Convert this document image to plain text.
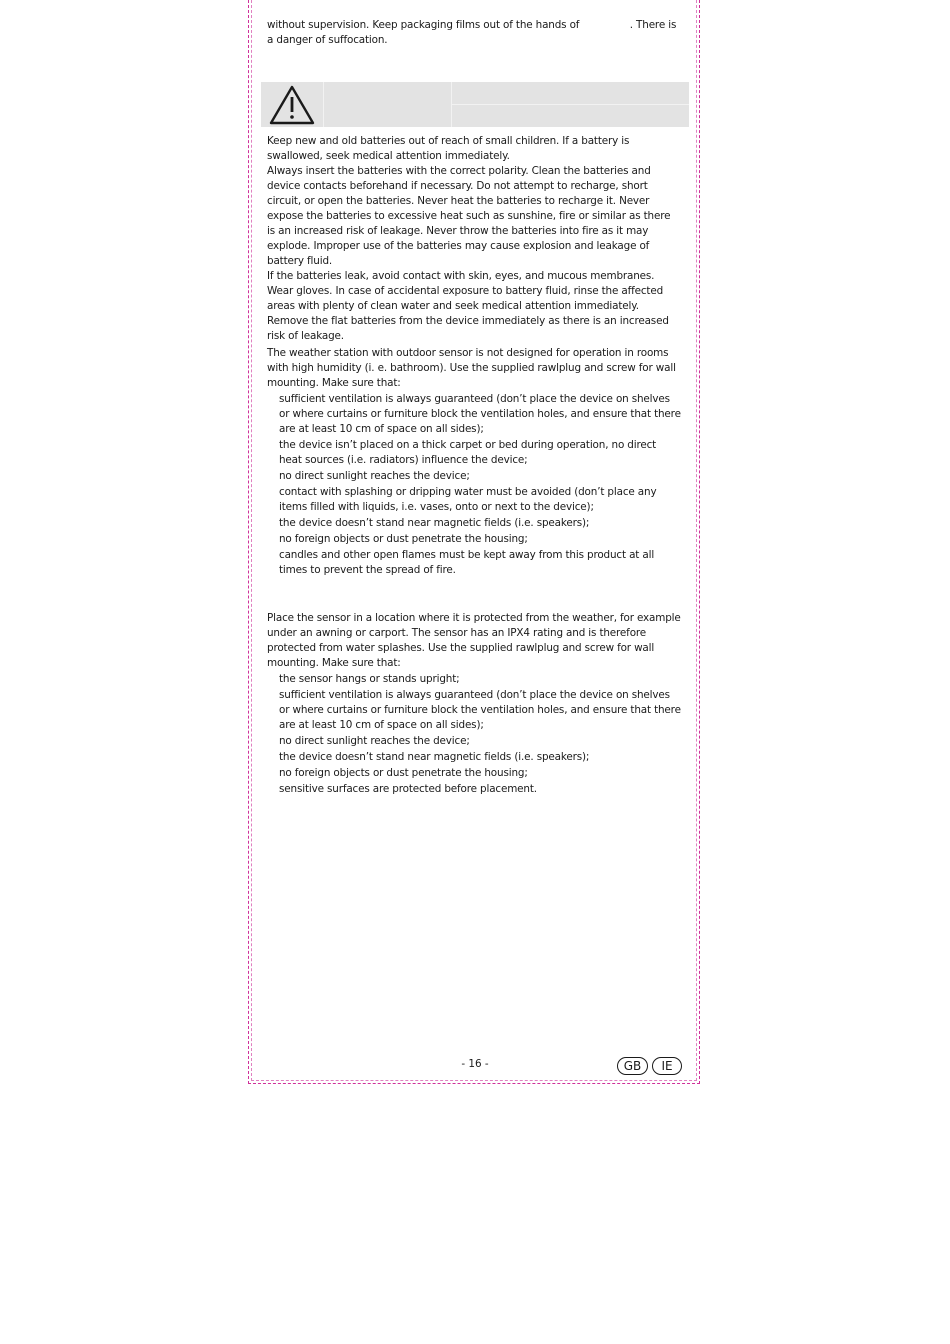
without supervision. Keep packaging films out of the hands of                . There is a danger of suffocation.
Keep new and old batteries out of reach of small children. If a battery is swallowed, seek medical attention immediately.
Always insert the batteries with the correct polarity. Clean the batteries and device contacts beforehand if necessary. Do not attempt to recharge, short circuit, or open the batteries. Never heat the batteries to recharge it. Never expose the batteries to excessive heat such as sunshine, fire or similar as there is an increased risk of leakage. Never throw the batteries into fire as it may explode. Improper use of the batteries may cause explosion and leakage of battery fluid.
If the batteries leak, avoid contact with skin, eyes, and mucous membranes. Wear gloves. In case of accidental exposure to battery fluid, rinse the affected areas with plenty of clean water and seek medical attention immediately. Remove the flat batteries from the device immediately as there is an increased risk of leakage.
The weather station with outdoor sensor is not designed for operation in rooms with high humidity (i. e. bathroom). Use the supplied rawlplug and screw for wall mounting. Make sure that:
sufficient ventilation is always guaranteed (don’t place the device on shelves or where curtains or furniture block the ventilation holes, and ensure that there are at least 10 cm of space on all sides);
the device isn’t placed on a thick carpet or bed during operation, no direct heat sources (i.e. radiators) influence the device;
no direct sunlight reaches the device;
contact with splashing or dripping water must be avoided (don’t place any items filled with liquids, i.e. vases, onto or next to the device);
the device doesn’t stand near magnetic fields (i.e. speakers);
no foreign objects or dust penetrate the housing;
candles and other open flames must be kept away from this product at all times to prevent the spread of fire.
Place the sensor in a location where it is protected from the weather, for example under an awning or carport. The sensor has an IPX4 rating and is therefore protected from water splashes. Use the supplied rawlplug and screw for wall mounting. Make sure that:
the sensor hangs or stands upright;
sufficient ventilation is always guaranteed (don’t place the device on shelves or where curtains or furniture block the ventilation holes, and ensure that there are at least 10 cm of space on all sides);
no direct sunlight reaches the device;
the device doesn’t stand near magnetic fields (i.e. speakers);
no foreign objects or dust penetrate the housing;
sensitive surfaces are protected before placement.
- 16 -	GB	IE
